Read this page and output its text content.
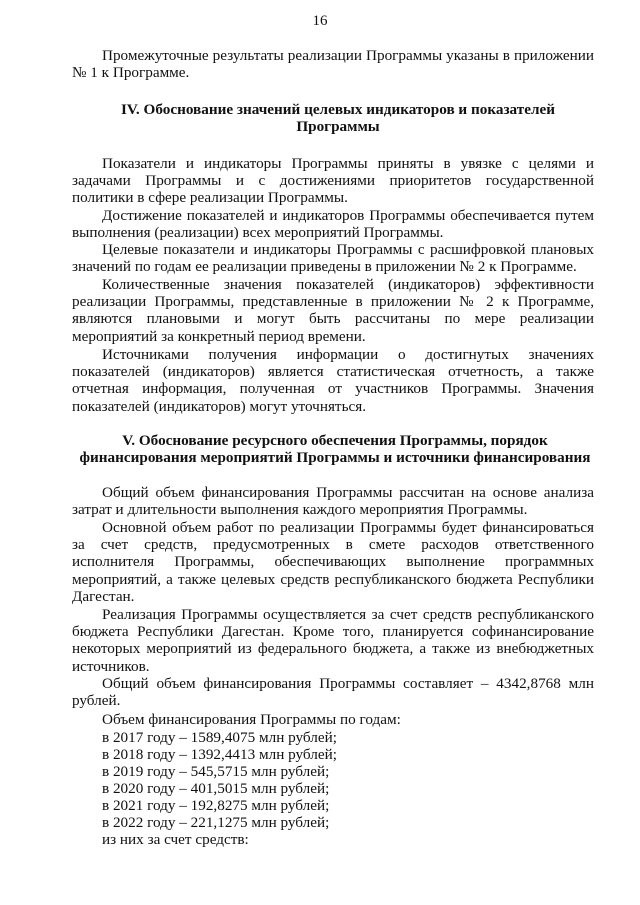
16

Промежуточные результаты реализации Программы указаны в приложении № 1 к Программе.

IV. Обоснование значений целевых индикаторов и показателей Программы

Показатели и индикаторы Программы приняты в увязке с целями и задачами Программы и с достижениями приоритетов государственной политики в сфере реализации Программы.

Достижение показателей и индикаторов Программы обеспечивается путем выполнения (реализации) всех мероприятий Программы.

Целевые показатели и индикаторы Программы с расшифровкой плановых значений по годам ее реализации приведены в приложении № 2 к Программе.

Количественные значения показателей (индикаторов) эффективности реализации Программы, представленные в приложении № 2 к Программе, являются плановыми и могут быть рассчитаны по мере реализации мероприятий за конкретный период времени.

Источниками получения информации о достигнутых значениях показателей (индикаторов) является статистическая отчетность, а также отчетная информация, полученная от участников Программы. Значения показателей (индикаторов) могут уточняться.

V. Обоснование ресурсного обеспечения Программы, порядок финансирования мероприятий Программы и источники финансирования

Общий объем финансирования Программы рассчитан на основе анализа затрат и длительности выполнения каждого мероприятия Программы.

Основной объем работ по реализации Программы будет финансироваться за счет средств, предусмотренных в смете расходов ответственного исполнителя Программы, обеспечивающих выполнение программных мероприятий, а также целевых средств республиканского бюджета Республики Дагестан.

Реализация Программы осуществляется за счет средств республиканского бюджета Республики Дагестан. Кроме того, планируется софинансирование некоторых мероприятий из федерального бюджета, а также из внебюджетных источников.

Общий объем финансирования Программы составляет – 4342,8768 млн рублей.

Объем финансирования Программы по годам:

в 2017 году – 1589,4075 млн рублей;

в 2018 году – 1392,4413 млн рублей;

в 2019 году – 545,5715 млн рублей;

в 2020 году – 401,5015 млн рублей;

в 2021 году – 192,8275 млн рублей;

в 2022 году – 221,1275 млн рублей;

из них за счет средств:
